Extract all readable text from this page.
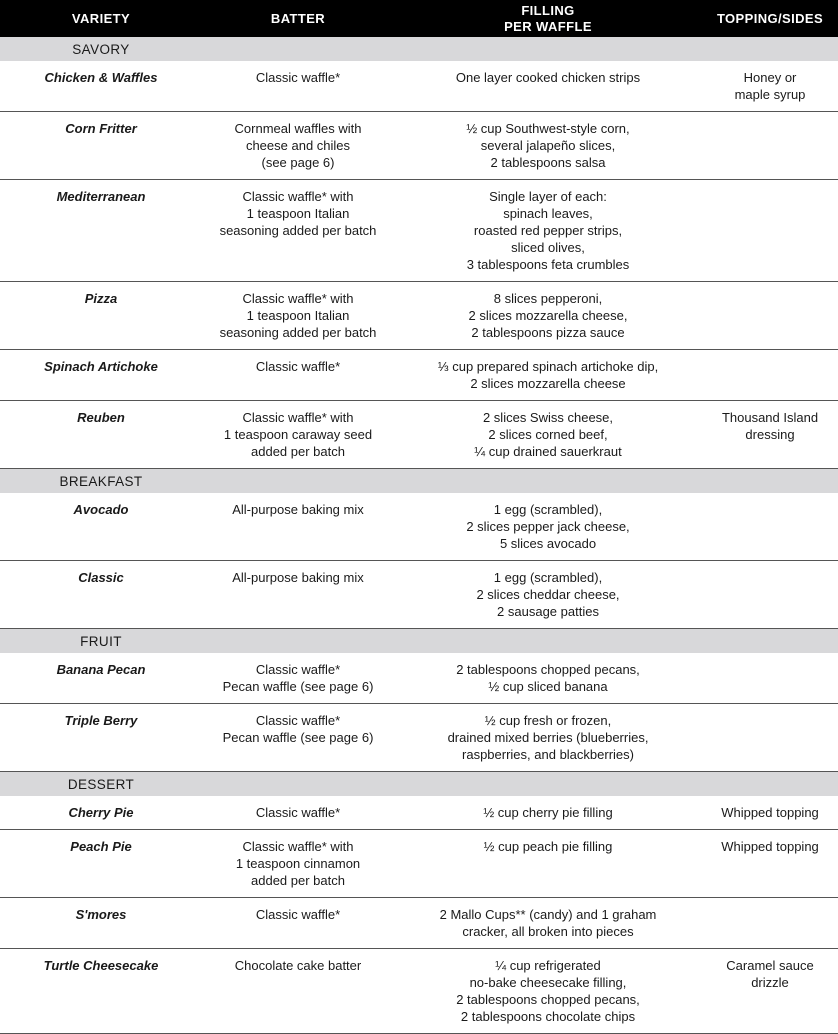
VARIETY	BATTER	FILLING
PER WAFFLE	TOPPING/SIDES
SAVORY			
Chicken & Waffles	Classic waffle*	One layer cooked chicken strips	Honey or
maple syrup

Corn Fritter	Cornmeal waffles with
cheese and chiles
(see page 6)	½ cup Southwest-style corn,
several jalapeño slices,
2 tablespoons salsa	

Mediterranean	Classic waffle* with
1 teaspoon Italian
seasoning added per batch	Single layer of each:
spinach leaves,
roasted red pepper strips,
sliced olives,
3 tablespoons feta crumbles	

Pizza	Classic waffle* with
1 teaspoon Italian
seasoning added per batch	8 slices pepperoni,
2 slices mozzarella cheese,
2 tablespoons pizza sauce	

Spinach Artichoke	Classic waffle*	⅓ cup prepared spinach artichoke dip,
2 slices mozzarella cheese	

Reuben	Classic waffle* with
1 teaspoon caraway seed
added per batch	2 slices Swiss cheese,
2 slices corned beef,
¼ cup drained sauerkraut	Thousand Island
dressing

BREAKFAST			
Avocado	All-purpose baking mix	1 egg (scrambled),
2 slices pepper jack cheese,
5 slices avocado	

Classic	All-purpose baking mix	1 egg (scrambled),
2 slices cheddar cheese,
2 sausage patties	

FRUIT			
Banana Pecan	Classic waffle*
Pecan waffle (see page 6)	2 tablespoons chopped pecans,
½ cup sliced banana	

Triple Berry	Classic waffle*
Pecan waffle (see page 6)	½ cup fresh or frozen,
drained mixed berries (blueberries,
raspberries, and blackberries)	

DESSERT			
Cherry Pie	Classic waffle*	½ cup cherry pie filling	Whipped topping

Peach Pie	Classic waffle* with
1 teaspoon cinnamon
added per batch	½ cup peach pie filling	Whipped topping

S'mores	Classic waffle*	2 Mallo Cups** (candy) and 1 graham
cracker, all broken into pieces	

Turtle Cheesecake	Chocolate cake batter	¼ cup refrigerated
no-bake cheesecake filling,
2 tablespoons chopped pecans,
2 tablespoons chocolate chips	Caramel sauce
drizzle
